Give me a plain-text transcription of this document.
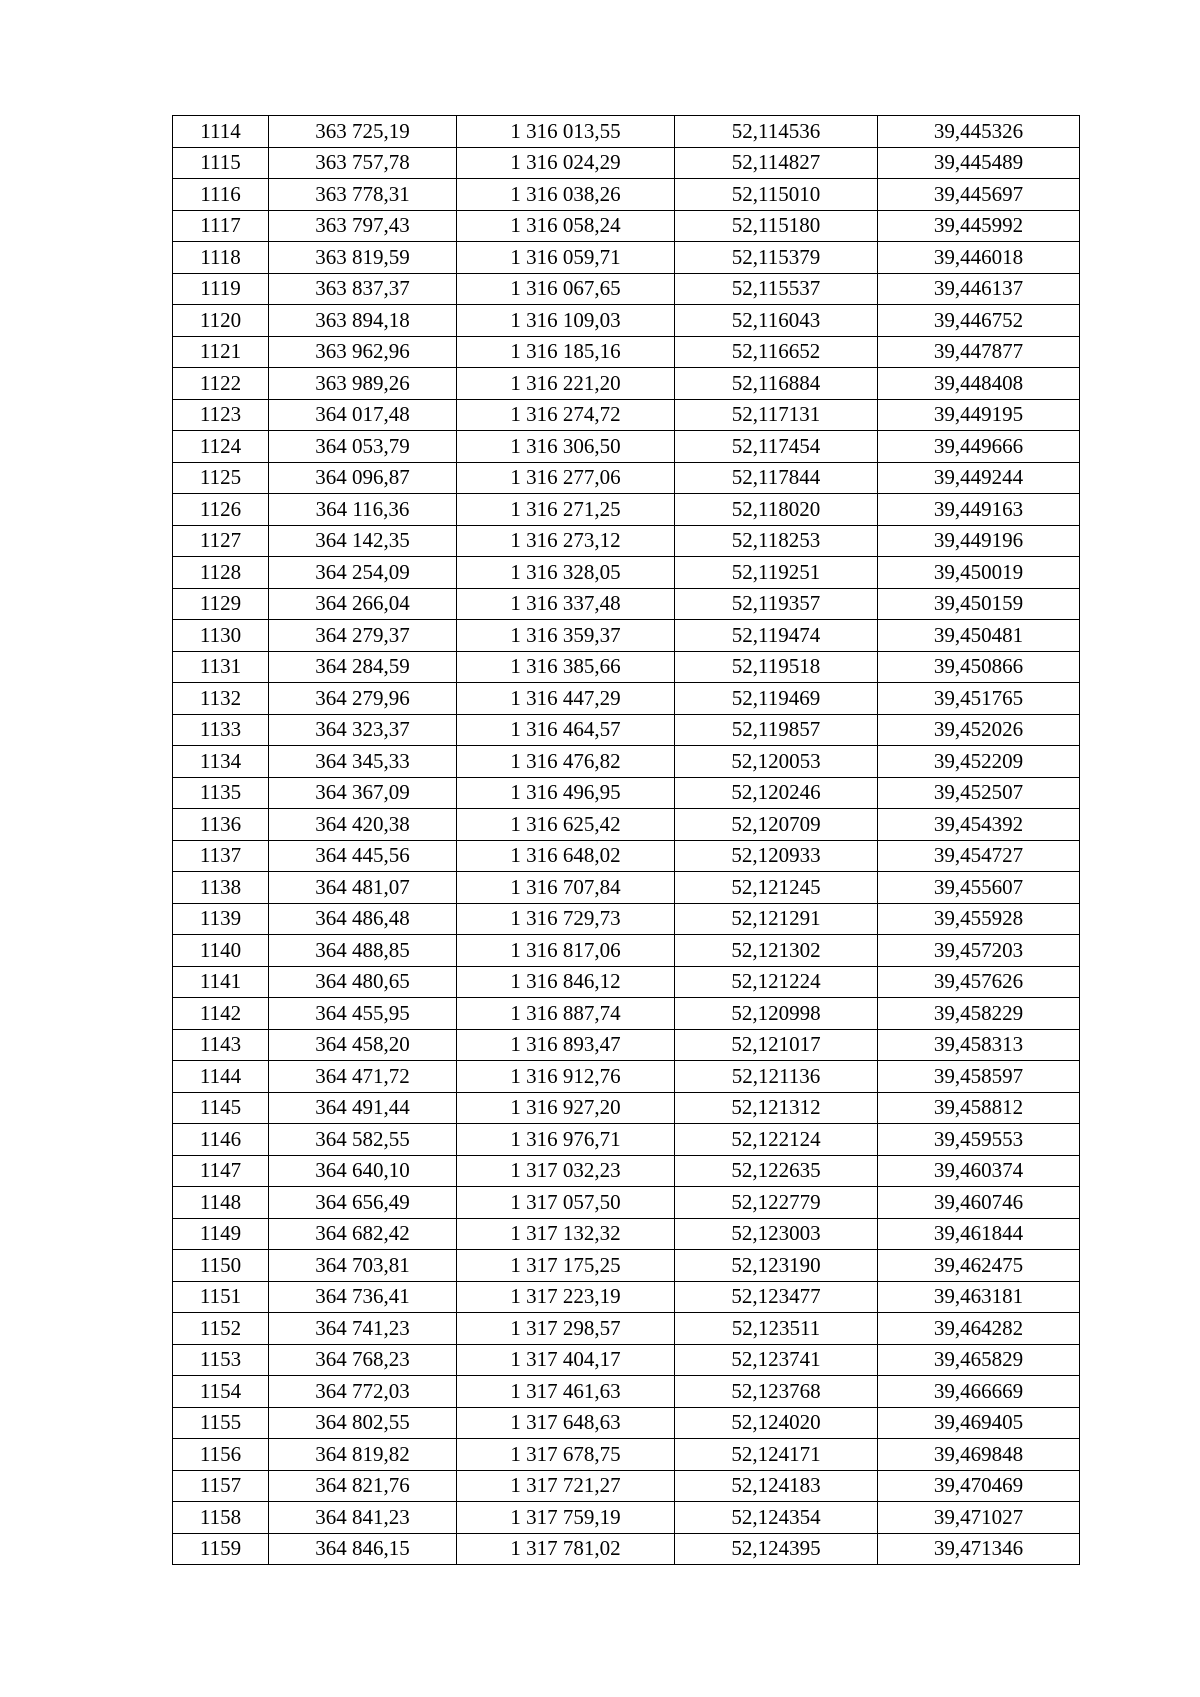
1114	363 725,19	1 316 013,55	52,114536	39,445326
1115	363 757,78	1 316 024,29	52,114827	39,445489
1116	363 778,31	1 316 038,26	52,115010	39,445697
1117	363 797,43	1 316 058,24	52,115180	39,445992
1118	363 819,59	1 316 059,71	52,115379	39,446018
1119	363 837,37	1 316 067,65	52,115537	39,446137
1120	363 894,18	1 316 109,03	52,116043	39,446752
1121	363 962,96	1 316 185,16	52,116652	39,447877
1122	363 989,26	1 316 221,20	52,116884	39,448408
1123	364 017,48	1 316 274,72	52,117131	39,449195
1124	364 053,79	1 316 306,50	52,117454	39,449666
1125	364 096,87	1 316 277,06	52,117844	39,449244
1126	364 116,36	1 316 271,25	52,118020	39,449163
1127	364 142,35	1 316 273,12	52,118253	39,449196
1128	364 254,09	1 316 328,05	52,119251	39,450019
1129	364 266,04	1 316 337,48	52,119357	39,450159
1130	364 279,37	1 316 359,37	52,119474	39,450481
1131	364 284,59	1 316 385,66	52,119518	39,450866
1132	364 279,96	1 316 447,29	52,119469	39,451765
1133	364 323,37	1 316 464,57	52,119857	39,452026
1134	364 345,33	1 316 476,82	52,120053	39,452209
1135	364 367,09	1 316 496,95	52,120246	39,452507
1136	364 420,38	1 316 625,42	52,120709	39,454392
1137	364 445,56	1 316 648,02	52,120933	39,454727
1138	364 481,07	1 316 707,84	52,121245	39,455607
1139	364 486,48	1 316 729,73	52,121291	39,455928
1140	364 488,85	1 316 817,06	52,121302	39,457203
1141	364 480,65	1 316 846,12	52,121224	39,457626
1142	364 455,95	1 316 887,74	52,120998	39,458229
1143	364 458,20	1 316 893,47	52,121017	39,458313
1144	364 471,72	1 316 912,76	52,121136	39,458597
1145	364 491,44	1 316 927,20	52,121312	39,458812
1146	364 582,55	1 316 976,71	52,122124	39,459553
1147	364 640,10	1 317 032,23	52,122635	39,460374
1148	364 656,49	1 317 057,50	52,122779	39,460746
1149	364 682,42	1 317 132,32	52,123003	39,461844
1150	364 703,81	1 317 175,25	52,123190	39,462475
1151	364 736,41	1 317 223,19	52,123477	39,463181
1152	364 741,23	1 317 298,57	52,123511	39,464282
1153	364 768,23	1 317 404,17	52,123741	39,465829
1154	364 772,03	1 317 461,63	52,123768	39,466669
1155	364 802,55	1 317 648,63	52,124020	39,469405
1156	364 819,82	1 317 678,75	52,124171	39,469848
1157	364 821,76	1 317 721,27	52,124183	39,470469
1158	364 841,23	1 317 759,19	52,124354	39,471027
1159	364 846,15	1 317 781,02	52,124395	39,471346
